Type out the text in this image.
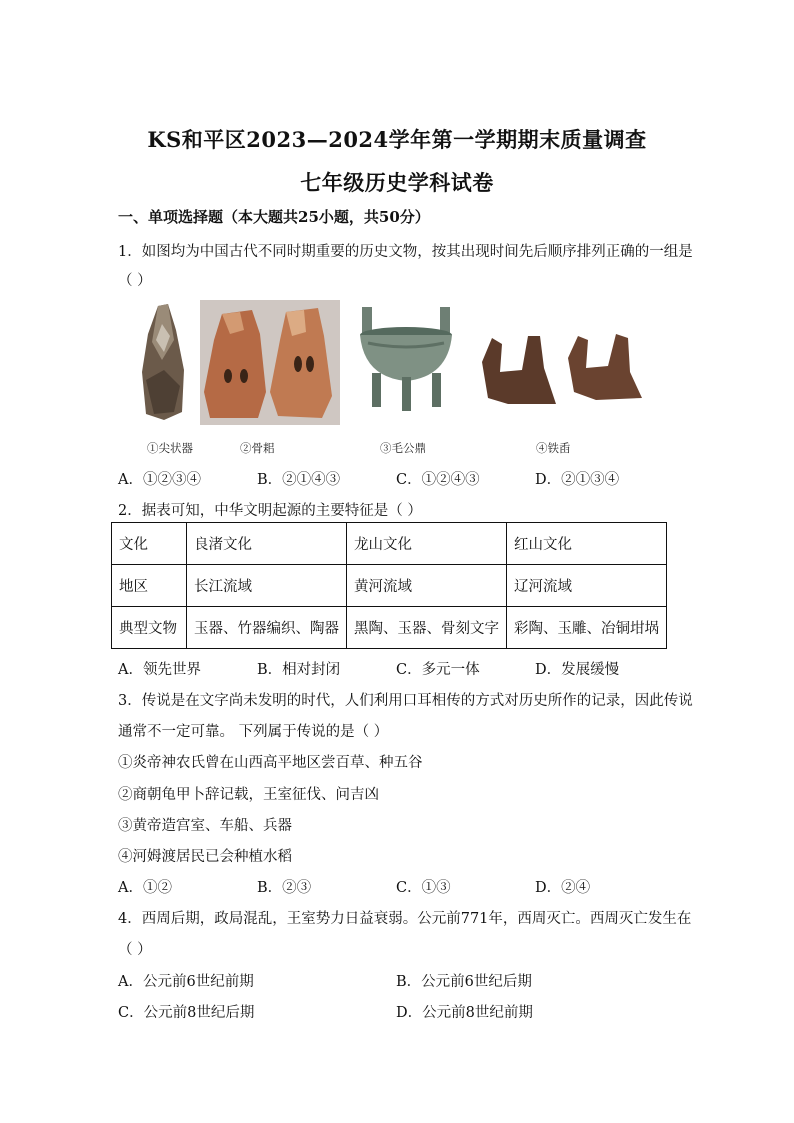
KS和平区2023—2024学年第一学期期末质量调查
七年级历史学科试卷
一、单项选择题（本大题共25小题，共50分）
1．如图均为中国古代不同时期重要的历史文物，按其出现时间先后顺序排列正确的一组是
（ ）
①尖状器	②骨耜	③毛公鼎	④铁臿
A．①②③④	B．②①④③	C．①②④③	D．②①③④
2．据表可知，中华文明起源的主要特征是（ ）
文化	良渚文化	龙山文化	红山文化
地区	长江流域	黄河流域	辽河流域
典型文物	玉器、竹器编织、陶器	黑陶、玉器、骨刻文字	彩陶、玉雕、冶铜坩埚
A．领先世界	B．相对封闭	C．多元一体	D．发展缓慢
3．传说是在文字尚未发明的时代，人们利用口耳相传的方式对历史所作的记录，因此传说
通常不一定可靠。 下列属于传说的是（ ）
①炎帝神农氏曾在山西高平地区尝百草、种五谷
②商朝龟甲卜辞记载，王室征伐、问吉凶
③黄帝造宫室、车船、兵器
④河姆渡居民已会种植水稻
A．①②	B．②③	C．①③	D．②④
4．西周后期，政局混乱，王室势力日益衰弱。公元前771年，西周灭亡。西周灭亡发生在
（ ）
A．公元前6世纪前期	B．公元前6世纪后期
C．公元前8世纪后期	D．公元前8世纪前期
